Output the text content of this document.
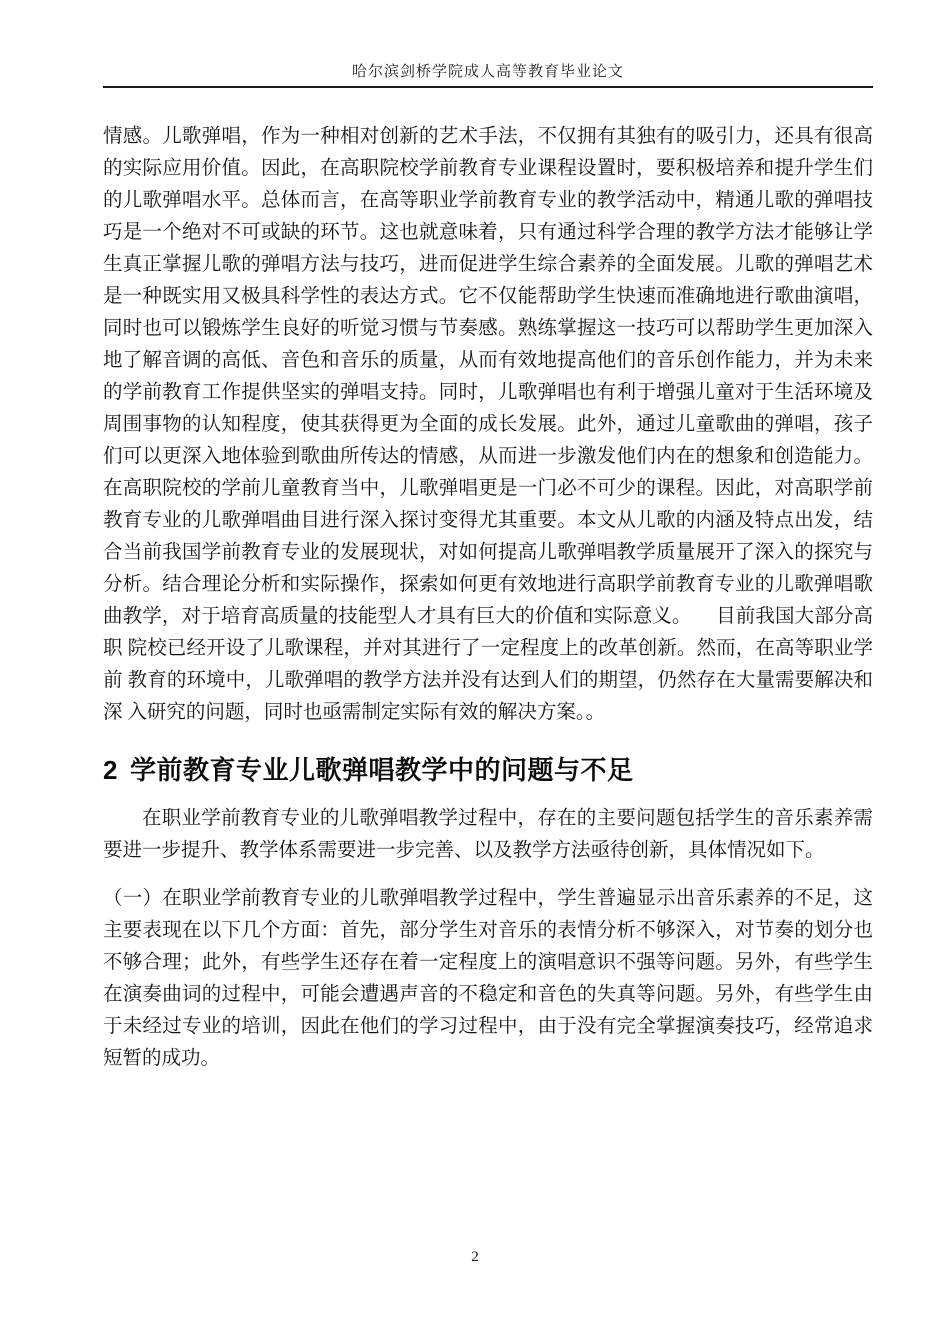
哈尔滨剑桥学院成人高等教育毕业论文

情感。儿歌弹唱，作为一种相对创新的艺术手法，不仅拥有其独有的吸引力，还具有很高的实际应用价值。因此，在高职院校学前教育专业课程设置时，要积极培养和提升学生们的儿歌弹唱水平。总体而言，在高等职业学前教育专业的教学活动中，精通儿歌的弹唱技巧是一个绝对不可或缺的环节。这也就意味着，只有通过科学合理的教学方法才能够让学生真正掌握儿歌的弹唱方法与技巧，进而促进学生综合素养的全面发展。儿歌的弹唱艺术是一种既实用又极具科学性的表达方式。它不仅能帮助学生快速而准确地进行歌曲演唱，同时也可以锻炼学生良好的听觉习惯与节奏感。熟练掌握这一技巧可以帮助学生更加深入地了解音调的高低、音色和音乐的质量，从而有效地提高他们的音乐创作能力，并为未来的学前教育工作提供坚实的弹唱支持。同时，儿歌弹唱也有利于增强儿童对于生活环境及周围事物的认知程度，使其获得更为全面的成长发展。此外，通过儿童歌曲的弹唱，孩子们可以更深入地体验到歌曲所传达的情感，从而进一步激发他们内在的想象和创造能力。在高职院校的学前儿童教育当中，儿歌弹唱更是一门必不可少的课程。因此，对高职学前教育专业的儿歌弹唱曲目进行深入探讨变得尤其重要。本文从儿歌的内涵及特点出发，结合当前我国学前教育专业的发展现状，对如何提高儿歌弹唱教学质量展开了深入的探究与分析。结合理论分析和实际操作，探索如何更有效地进行高职学前教育专业的儿歌弹唱歌曲教学，对于培育高质量的技能型人才具有巨大的价值和实际意义。 　目前我国大部分高职 院校已经开设了儿歌课程，并对其进行了一定程度上的改革创新。然而，在高等职业学前 教育的环境中，儿歌弹唱的教学方法并没有达到人们的期望，仍然存在大量需要解决和深 入研究的问题，同时也亟需制定实际有效的解决方案。。

2 学前教育专业儿歌弹唱教学中的问题与不足

在职业学前教育专业的儿歌弹唱教学过程中，存在的主要问题包括学生的音乐素养需要进一步提升、教学体系需要进一步完善、以及教学方法亟待创新，具体情况如下。

（一）在职业学前教育专业的儿歌弹唱教学过程中，学生普遍显示出音乐素养的不足，这主要表现在以下几个方面：首先，部分学生对音乐的表情分析不够深入，对节奏的划分也不够合理；此外，有些学生还存在着一定程度上的演唱意识不强等问题。另外，有些学生在演奏曲词的过程中，可能会遭遇声音的不稳定和音色的失真等问题。另外，有些学生由于未经过专业的培训，因此在他们的学习过程中，由于没有完全掌握演奏技巧，经常追求短暂的成功。

2
